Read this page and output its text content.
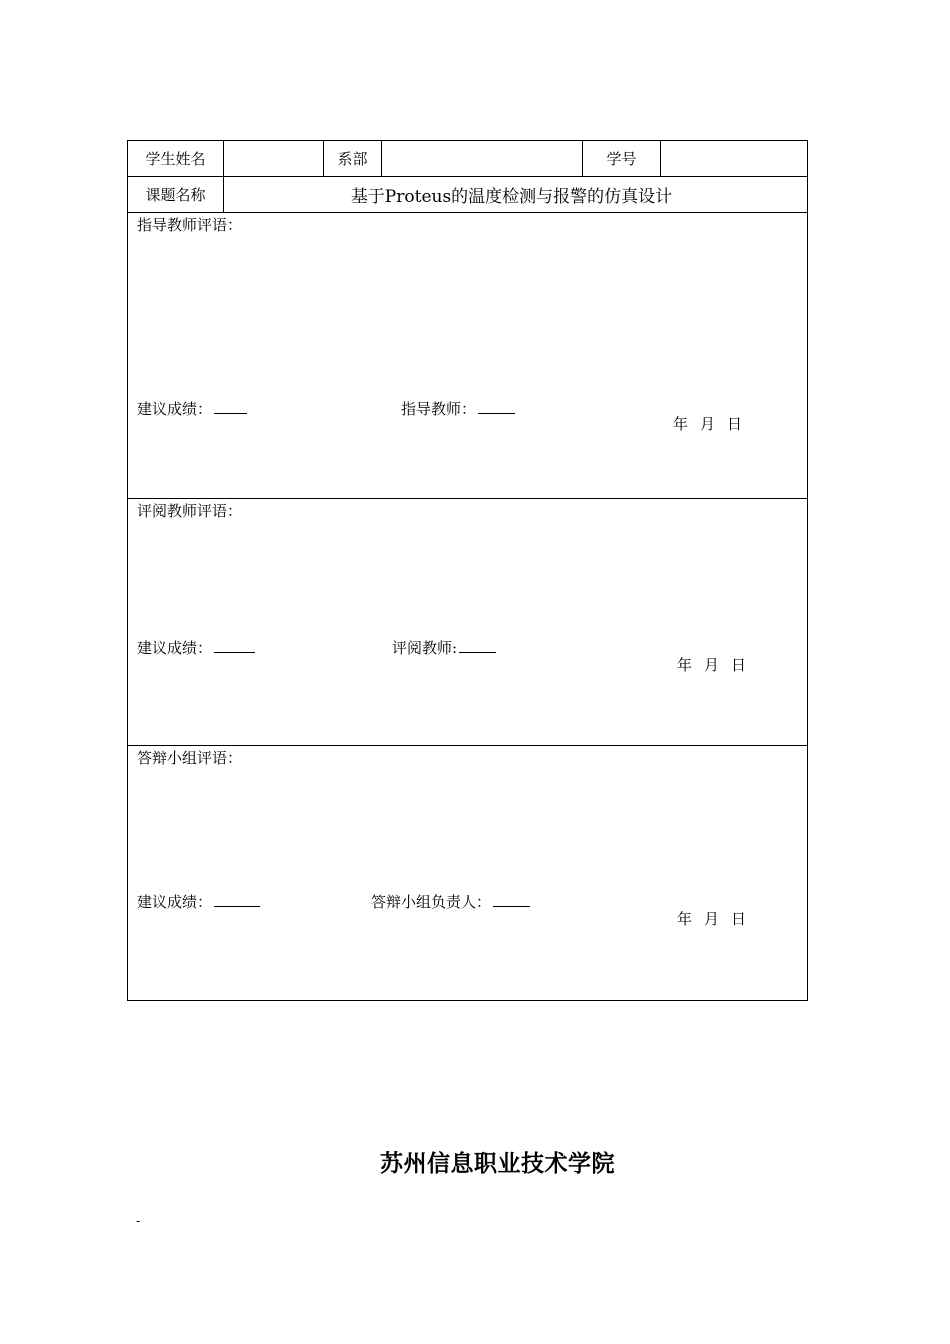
学生姓名	系部	学号
课题名称	基于Proteus的温度检测与报警的仿真设计
指导教师评语：
建议成绩：	指导教师：
年 月 日
评阅教师评语：
建议成绩：	评阅教师:
年 月 日
答辩小组评语：
建议成绩：	答辩小组负责人：
年 月 日
苏州信息职业技术学院
-
